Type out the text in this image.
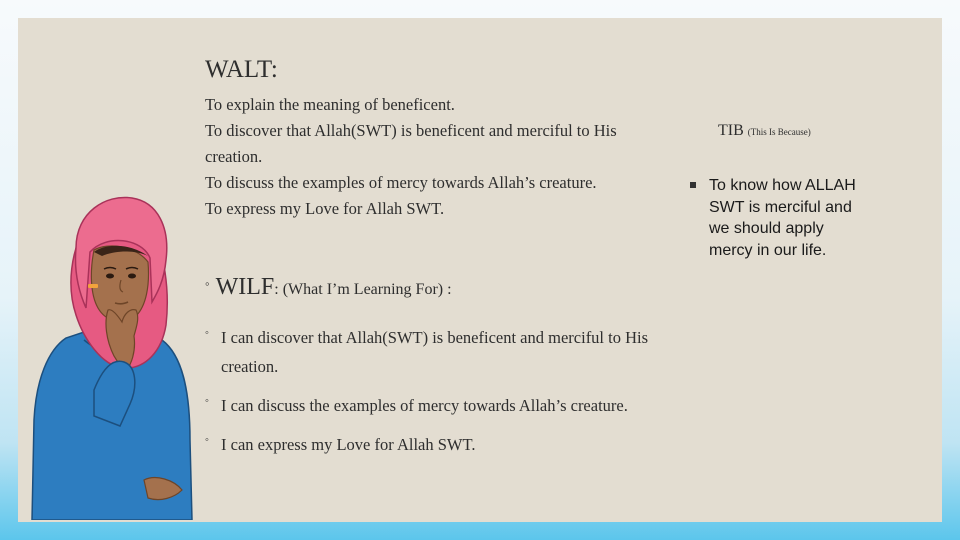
WALT:
To explain the meaning of beneficent.
To discover that Allah(SWT) is beneficent and merciful to His creation.
To discuss the examples of mercy towards Allah’s creature.
To express my Love for Allah SWT.
◦ WILF: (What I’m Learning For) :
◦ I can discover that Allah(SWT) is beneficent and merciful to His creation.
◦ I can discuss the examples of mercy towards Allah’s creature.
◦ I can express my Love for Allah SWT.
TIB (This Is Because)
To know how ALLAH SWT is merciful and we should apply mercy in our life.
